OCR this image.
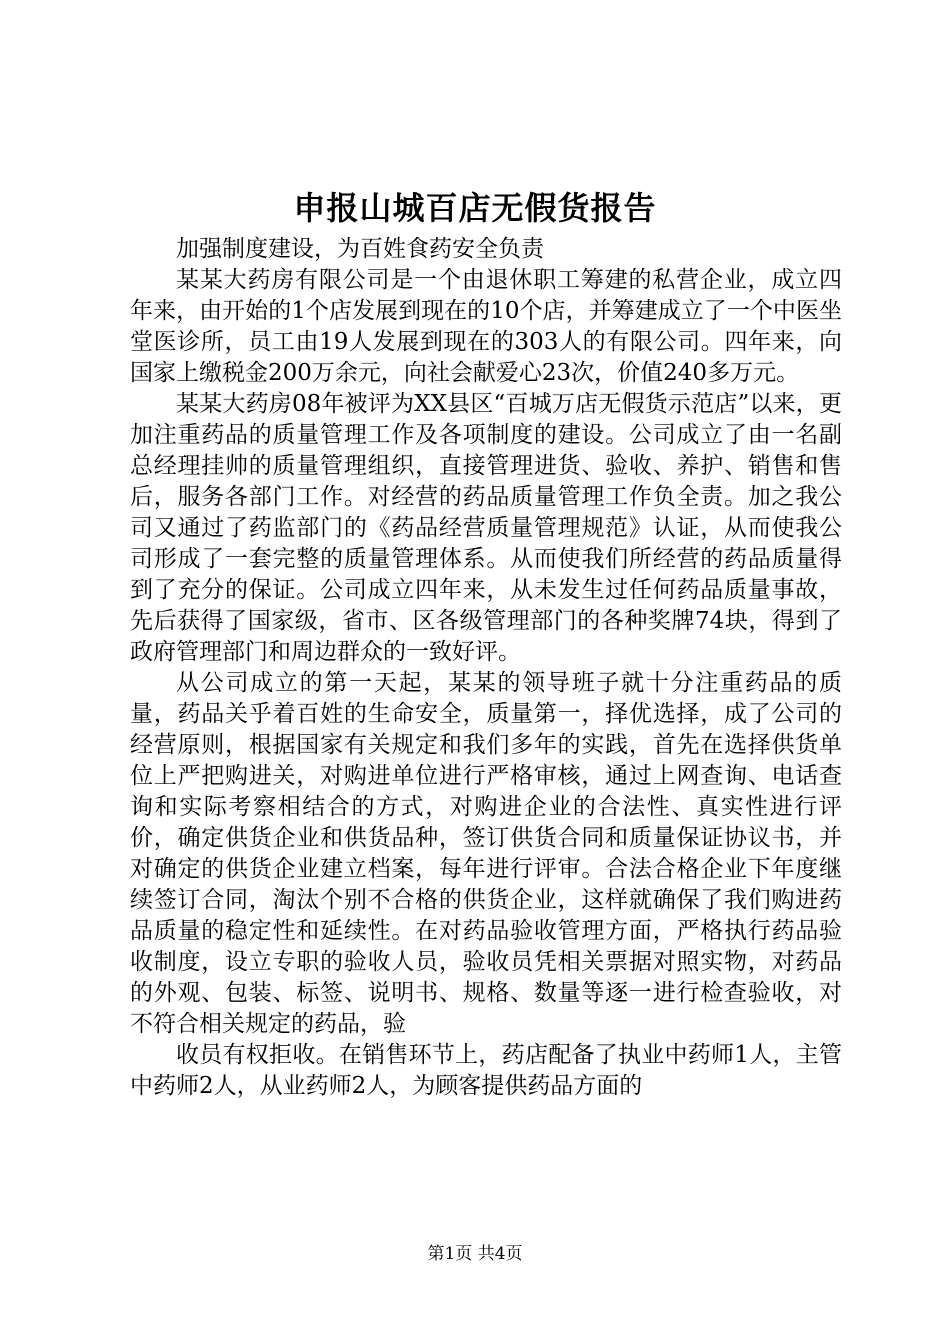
申报山城百店无假货报告

加强制度建设，为百姓食药安全负责

某某大药房有限公司是一个由退休职工筹建的私营企业，成立四年来，由开始的1个店发展到现在的10个店，并筹建成立了一个中医坐堂医诊所，员工由19人发展到现在的303人的有限公司。四年来，向国家上缴税金200万余元，向社会献爱心23次，价值240多万元。

某某大药房08年被评为XX县区“百城万店无假货示范店”以来，更加注重药品的质量管理工作及各项制度的建设。公司成立了由一名副总经理挂帅的质量管理组织，直接管理进货、验收、养护、销售和售后，服务各部门工作。对经营的药品质量管理工作负全责。加之我公司又通过了药监部门的《药品经营质量管理规范》认证，从而使我公司形成了一套完整的质量管理体系。从而使我们所经营的药品质量得到了充分的保证。公司成立四年来，从未发生过任何药品质量事故，先后获得了国家级，省市、区各级管理部门的各种奖牌74块，得到了政府管理部门和周边群众的一致好评。

从公司成立的第一天起，某某的领导班子就十分注重药品的质量，药品关乎着百姓的生命安全，质量第一，择优选择，成了公司的经营原则，根据国家有关规定和我们多年的实践，首先在选择供货单位上严把购进关，对购进单位进行严格审核，通过上网查询、电话查询和实际考察相结合的方式，对购进企业的合法性、真实性进行评价，确定供货企业和供货品种，签订供货合同和质量保证协议书，并对确定的供货企业建立档案，每年进行评审。合法合格企业下年度继续签订合同，淘汰个别不合格的供货企业，这样就确保了我们购进药品质量的稳定性和延续性。在对药品验收管理方面，严格执行药品验收制度，设立专职的验收人员，验收员凭相关票据对照实物，对药品的外观、包装、标签、说明书、规格、数量等逐一进行检查验收，对不符合相关规定的药品，验

收员有权拒收。在销售环节上，药店配备了执业中药师1人，主管中药师2人，从业药师2人，为顾客提供药品方面的

第1页 共4页
